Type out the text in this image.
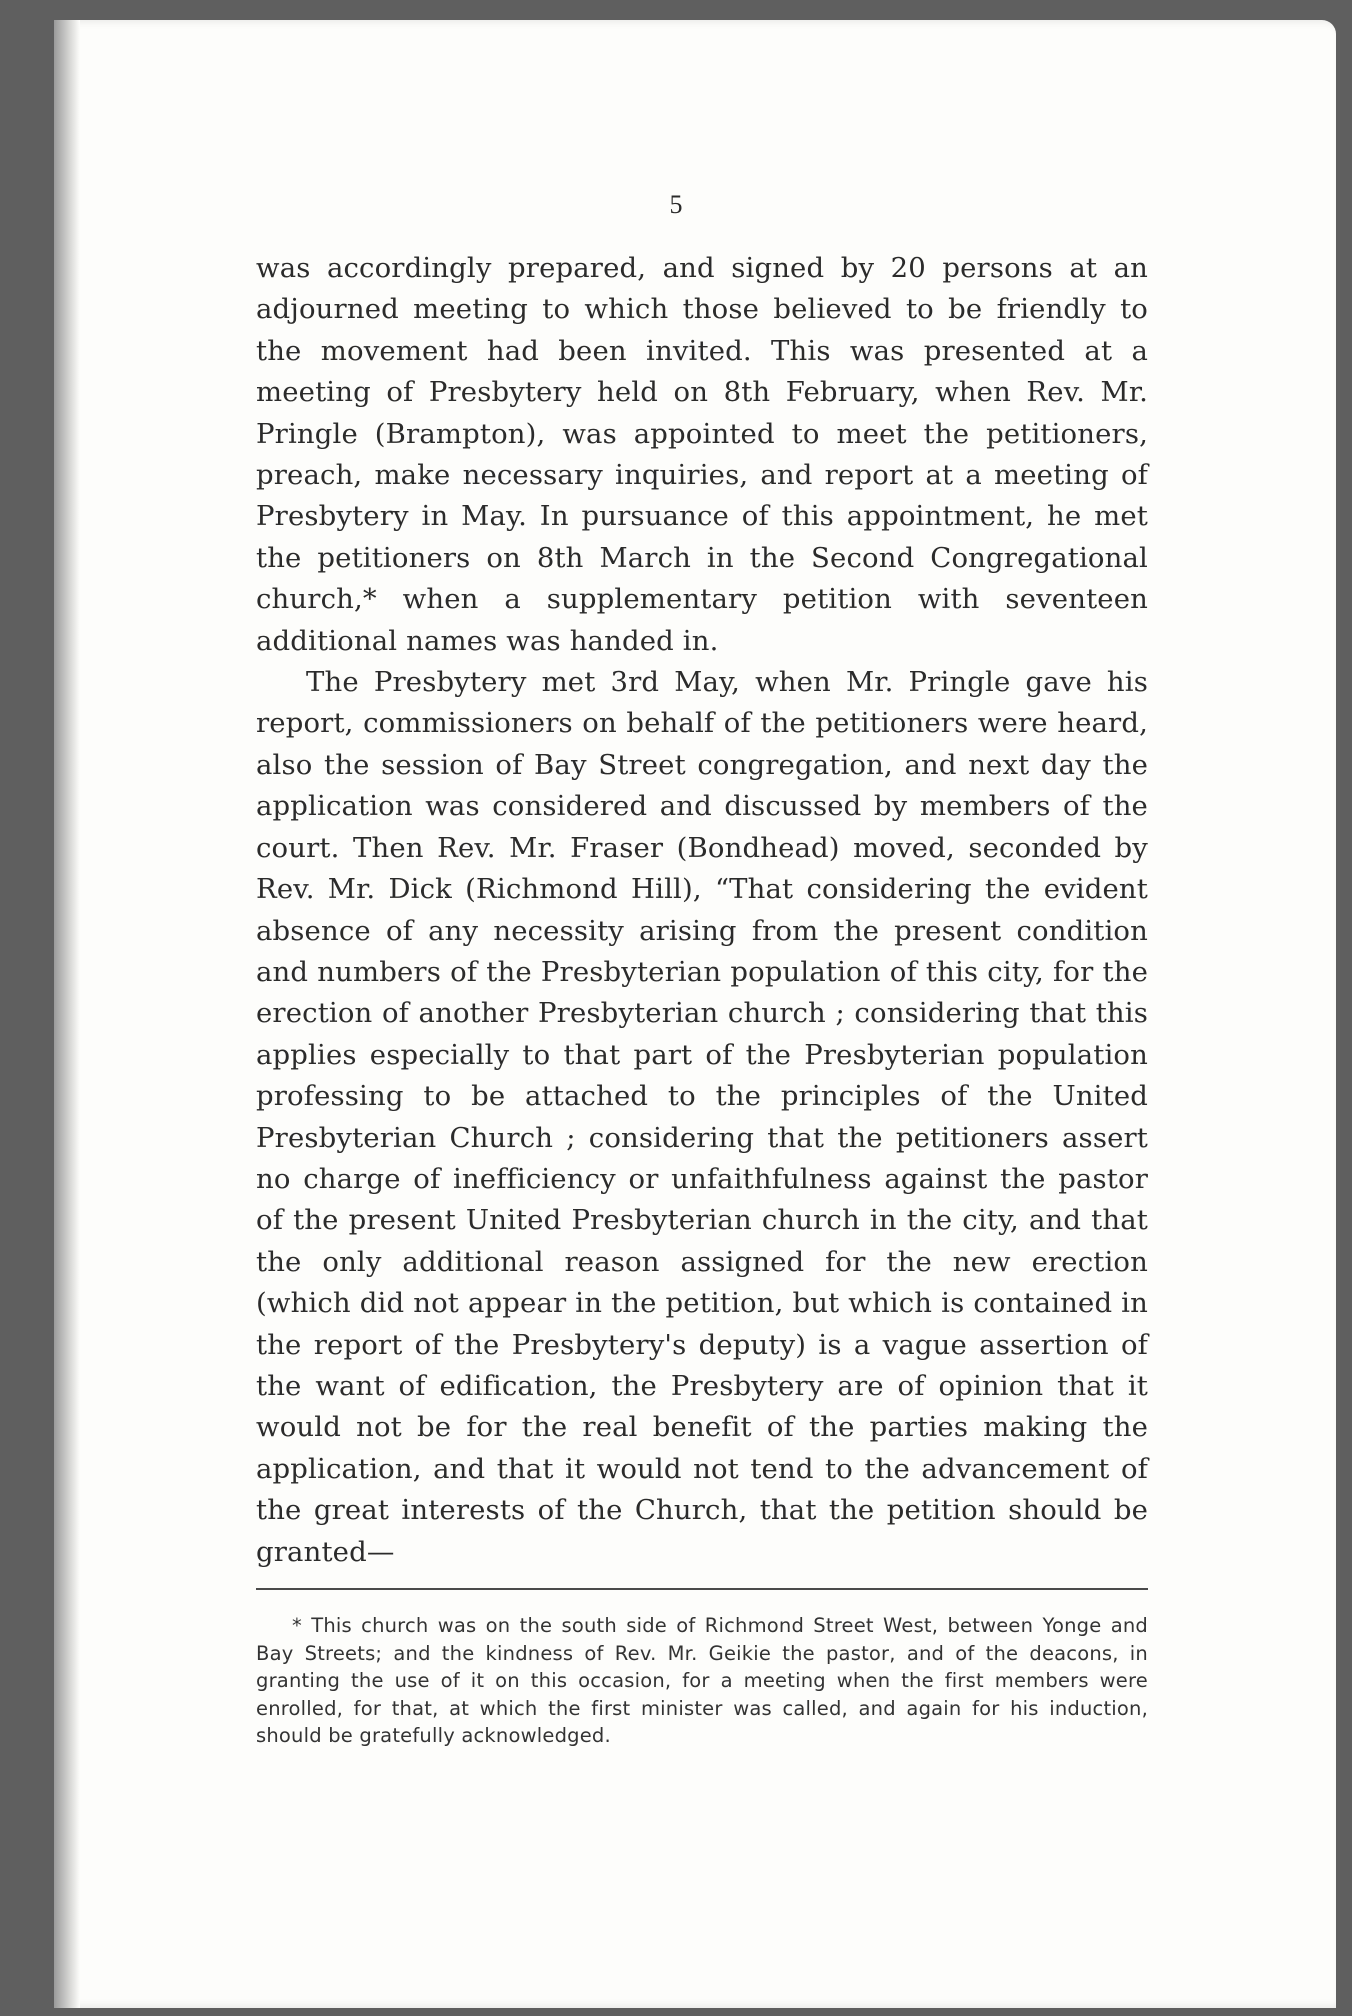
5

was accordingly prepared, and signed by 20 persons at an adjourned meeting to which those believed to be friendly to the movement had been invited. This was presented at a meeting of Presbytery held on 8th February, when Rev. Mr. Pringle (Brampton), was appointed to meet the petitioners, preach, make necessary inquiries, and report at a meeting of Presbytery in May. In pursuance of this appointment, he met the petitioners on 8th March in the Second Congregational church,* when a supplementary petition with seventeen additional names was handed in.

The Presbytery met 3rd May, when Mr. Pringle gave his report, commissioners on behalf of the petitioners were heard, also the session of Bay Street congregation, and next day the application was considered and discussed by members of the court. Then Rev. Mr. Fraser (Bondhead) moved, seconded by Rev. Mr. Dick (Richmond Hill), “That considering the evident absence of any necessity arising from the present condition and numbers of the Presbyterian population of this city, for the erection of another Presbyterian church ; considering that this applies especially to that part of the Presbyterian population professing to be attached to the principles of the United Presbyterian Church ; considering that the petitioners assert no charge of inefficiency or unfaithfulness against the pastor of the present United Presbyterian church in the city, and that the only additional reason assigned for the new erection (which did not appear in the petition, but which is contained in the report of the Presbytery's deputy) is a vague assertion of the want of edification, the Presbytery are of opinion that it would not be for the real benefit of the parties making the application, and that it would not tend to the advancement of the great interests of the Church, that the petition should be granted—

* This church was on the south side of Richmond Street West, between Yonge and Bay Streets; and the kindness of Rev. Mr. Geikie the pastor, and of the deacons, in granting the use of it on this occasion, for a meeting when the first members were enrolled, for that, at which the first minister was called, and again for his induction, should be gratefully acknowledged.
